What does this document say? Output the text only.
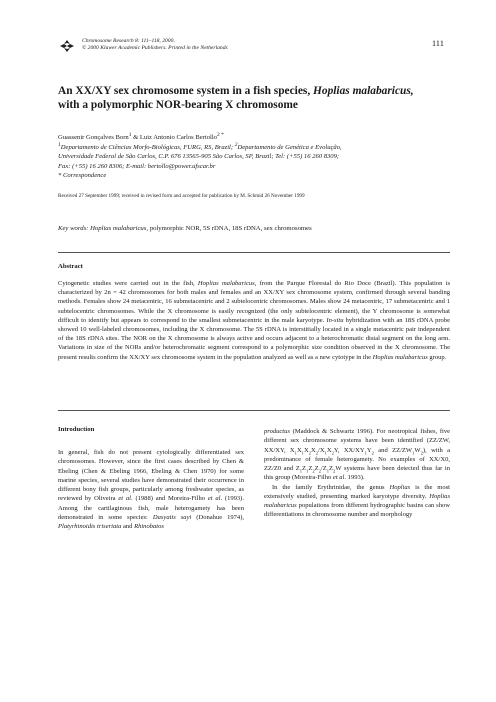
Chromosome Research 8: 111–118, 2000.
© 2000 Kluwer Academic Publishers. Printed in the Netherlands
111
An XX/XY sex chromosome system in a fish species, Hoplias malabaricus,
with a polymorphic NOR-bearing X chromosome
Guassenir Gonçalves Born$^1$ & Luiz Antonio Carlos Bertollo$^{2 *}$
$^1$Departamento de Ciências Morfo-Biológicas, FURG, RS, Brazil; $^2$Departamento de Genética e Evolução,
Universidade Federal de São Carlos, C.P. 676 13565-905 São Carlos, SP, Brazil; Tel: (+55) 16 260 8309;
Fax: (+55) 16 260 8306; E-mail: bertollo@power.ufscar.br
* Correspondence
Received 27 September 1999; received in revised form and accepted for publication by M. Schmid 26 November 1999
Key words: Hoplias malabaricus, polymorphic NOR, 5S rDNA, 18S rDNA, sex chromosomes
Abstract

Cytogenetic studies were carried out in the fish, Hoplias malabaricus, from the Parque Florestal do Rio Doce (Brazil). This population is characterized by 2n = 42 chromosomes for both males and females and an XX/XY sex chromosome system, confirmed through several banding methods. Females show 24 metacentric, 16 submetacentric and 2 subtelocentric chromosomes. Males show 24 metacentric, 17 submetacentric and 1 subtelocentric chromosomes. While the X chromosome is easily recognized (the only subtelocentric element), the Y chromosome is somewhat difficult to identify but appears to correspond to the smallest submetacentric in the male karyotype. In-situ hybridization with an 18S rDNA probe showed 10 well-labeled chromosomes, including the X chromosome. The 5S rDNA is interstitially located in a single metacentric pair independent of the 18S rDNA sites. The NOR on the X chromosome is always active and occurs adjacent to a heterochromatic distal segment on the long arm. Variations in size of the NORs and/or heterochromatic segment correspond to a polymorphic size condition observed in the X chromosome. The present results confirm the XX/XY sex chromosome system in the population analyzed as well as a new cytotype in the Hoplias malabaricus group.

Introduction

In general, fish do not present cytologically differentiated sex chromosomes. However, since the first cases described by Chen & Ebeling (Chen & Ebeling 1966, Ebeling & Chen 1970) for some marine species, several studies have demonstrated their occurrence in different bony fish groups, particularly among freshwater species, as reviewed by Oliveira et al. (1988) and Moreira-Filho et al. (1993). Among the cartilaginous fish, male heterogamety has been demonstrated in some species: Dasyatis sayi (Donahue 1974), Platyrhinoidis triseriata and Rhinobatos

productus (Maddock & Schwartz 1996). For neotropical fishes, five different sex chromosome systems have been identified (ZZ/ZW, XX/XY, $X_1X_1X_2X_2/X_1X_2Y$, $XX/XY_1Y_2$ and $ZZ/ZW_1W_2$), with a predominance of female heterogamety. No examples of XX/X0, ZZ/Z0 and $Z_1Z_1Z_2Z_2/Z_1Z_2W$ systems have been detected thus far in this group (Moreira-Filho et al. 1993).

In the family Erythrinidae, the genus Hoplias is the most extensively studied, presenting marked karyotype diversity. Hoplias malabaricus populations from different hydrographic basins can show differentiations in chromosome number and morphology
